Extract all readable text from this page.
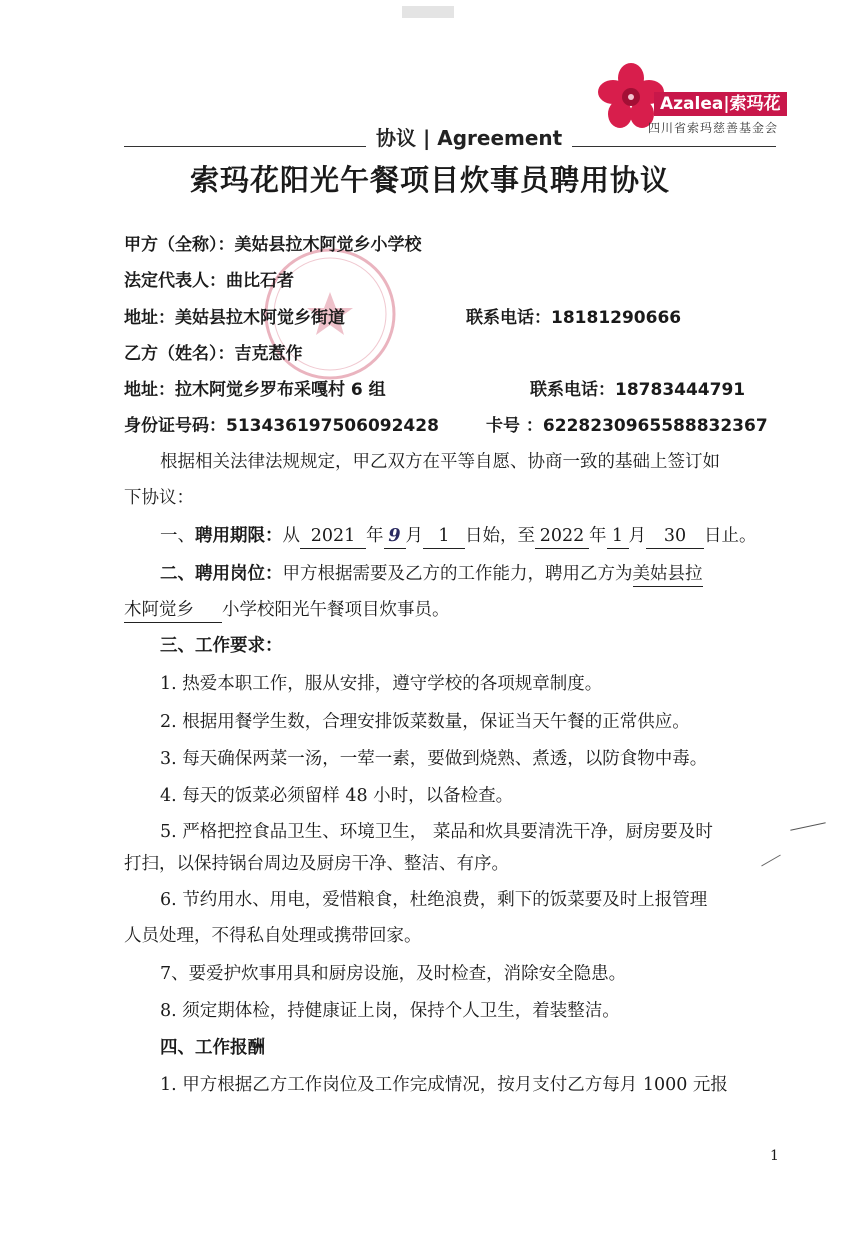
Azalea|索玛花
四川省索玛慈善基金会
协议 | Agreement
索玛花阳光午餐项目炊事员聘用协议
甲方（全称）：美姑县拉木阿觉乡小学校
法定代表人：曲比石者
地址：美姑县拉木阿觉乡街道	联系电话：18181290666
乙方（姓名）：吉克惹作
地址：拉木阿觉乡罗布采嘎村 6 组	联系电话：18783444791
身份证号码：513436197506092428	卡号 ：6228230965588832367
根据相关法律法规规定，甲乙双方在平等自愿、协商一致的基础上签订如
下协议：
一、聘用期限：从 2021 年 9 月 1 日始，至 2022 年 1 月 30 日止。
二、聘用岗位：甲方根据需要及乙方的工作能力，聘用乙方为美姑县拉
木阿觉乡 小学校阳光午餐项目炊事员。
三、工作要求：
1. 热爱本职工作，服从安排，遵守学校的各项规章制度。
2. 根据用餐学生数，合理安排饭菜数量，保证当天午餐的正常供应。
3. 每天确保两菜一汤，一荤一素，要做到烧熟、煮透，以防食物中毒。
4. 每天的饭菜必须留样 48 小时，以备检查。
5. 严格把控食品卫生、环境卫生， 菜品和炊具要清洗干净，厨房要及时
打扫，以保持锅台周边及厨房干净、整洁、有序。
6. 节约用水、用电，爱惜粮食，杜绝浪费，剩下的饭菜要及时上报管理
人员处理，不得私自处理或携带回家。
7、要爱护炊事用具和厨房设施，及时检查，消除安全隐患。
8. 须定期体检，持健康证上岗，保持个人卫生，着装整洁。
四、工作报酬
1. 甲方根据乙方工作岗位及工作完成情况，按月支付乙方每月 1000 元报
1
